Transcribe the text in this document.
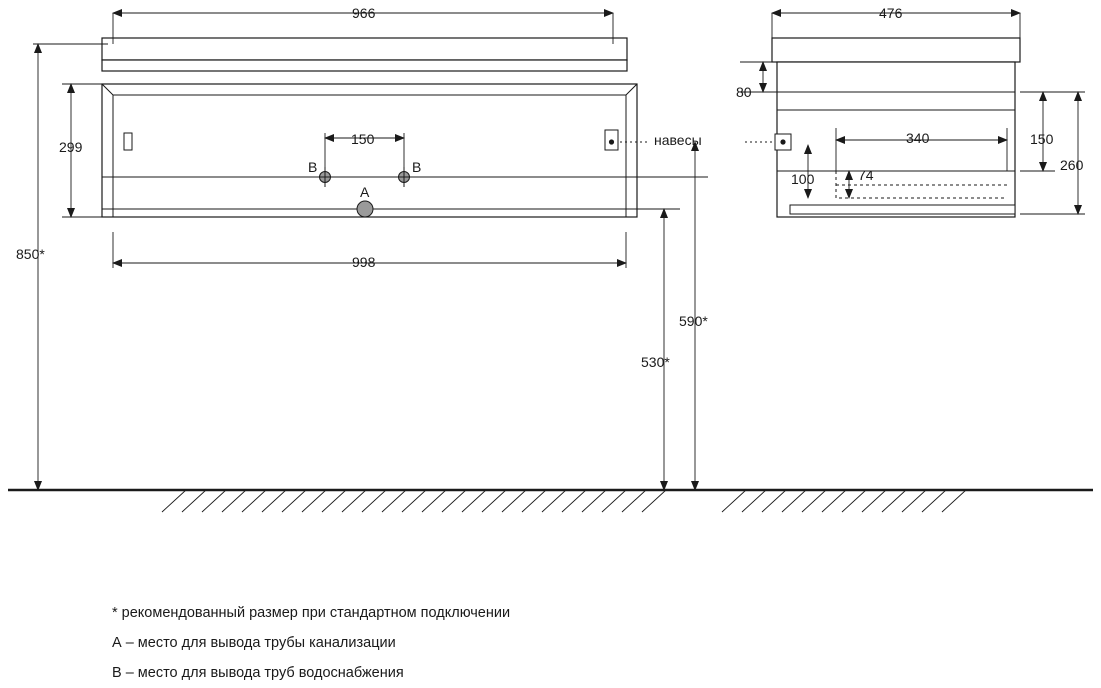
966
998
299	150
850*
590*
530*
B	B
A
навесы
476
80
340
74
100
150
260
* рекомендованный размер при стандартном подключении
А – место для вывода трубы канализации
В – место для вывода труб водоснабжения
